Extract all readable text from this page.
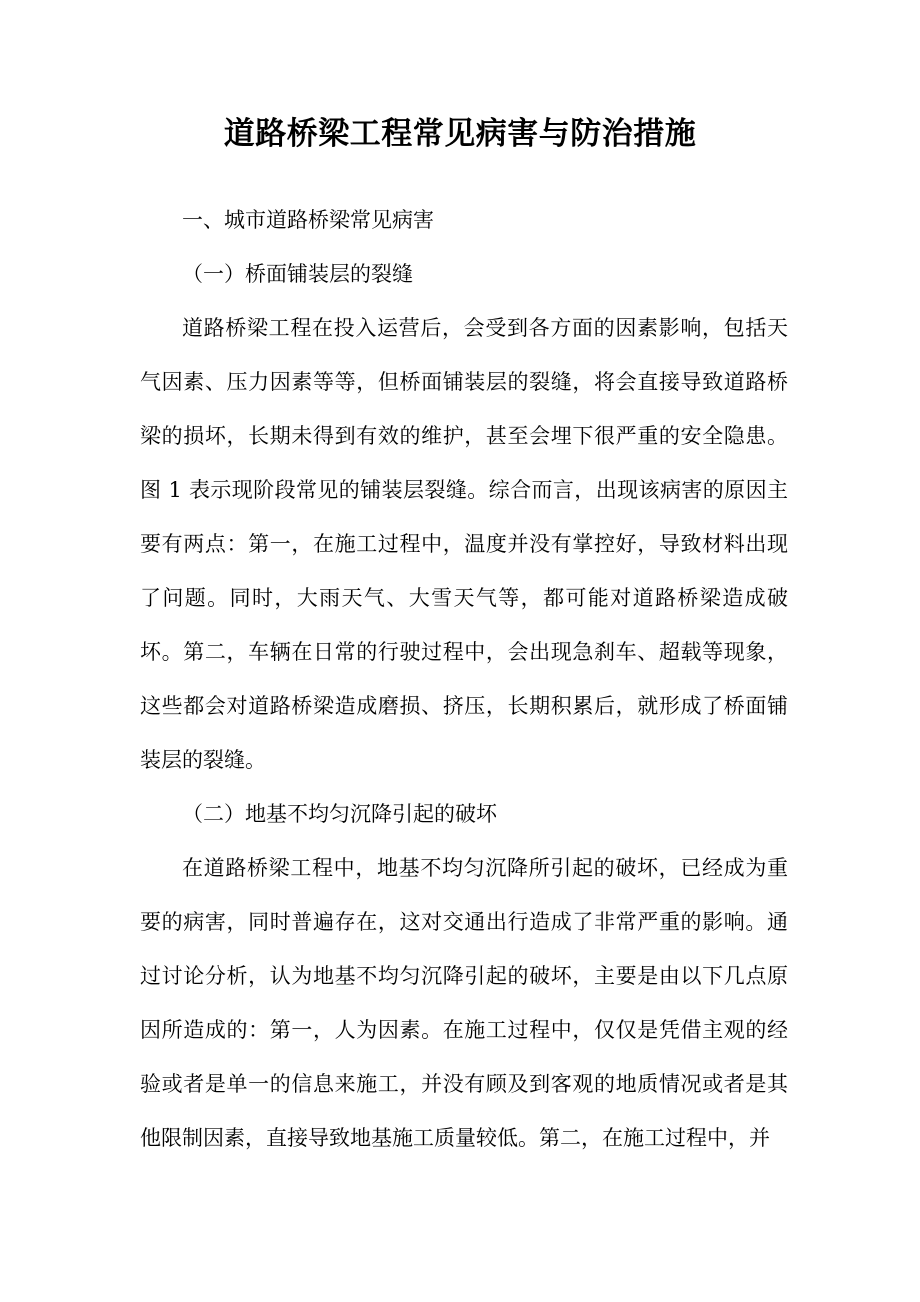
道路桥梁工程常见病害与防治措施

一、城市道路桥梁常见病害

（一）桥面铺装层的裂缝

道路桥梁工程在投入运营后，会受到各方面的因素影响，包括天气因素、压力因素等等，但桥面铺装层的裂缝，将会直接导致道路桥梁的损坏，长期未得到有效的维护，甚至会埋下很严重的安全隐患。图 1 表示现阶段常见的铺装层裂缝。综合而言，出现该病害的原因主要有两点：第一，在施工过程中，温度并没有掌控好，导致材料出现了问题。同时，大雨天气、大雪天气等，都可能对道路桥梁造成破坏。第二，车辆在日常的行驶过程中，会出现急刹车、超载等现象，这些都会对道路桥梁造成磨损、挤压，长期积累后，就形成了桥面铺装层的裂缝。

（二）地基不均匀沉降引起的破坏

在道路桥梁工程中，地基不均匀沉降所引起的破坏，已经成为重要的病害，同时普遍存在，这对交通出行造成了非常严重的影响。通过讨论分析，认为地基不均匀沉降引起的破坏，主要是由以下几点原因所造成的：第一，人为因素。在施工过程中，仅仅是凭借主观的经验或者是单一的信息来施工，并没有顾及到客观的地质情况或者是其他限制因素，直接导致地基施工质量较低。第二，在施工过程中，并
